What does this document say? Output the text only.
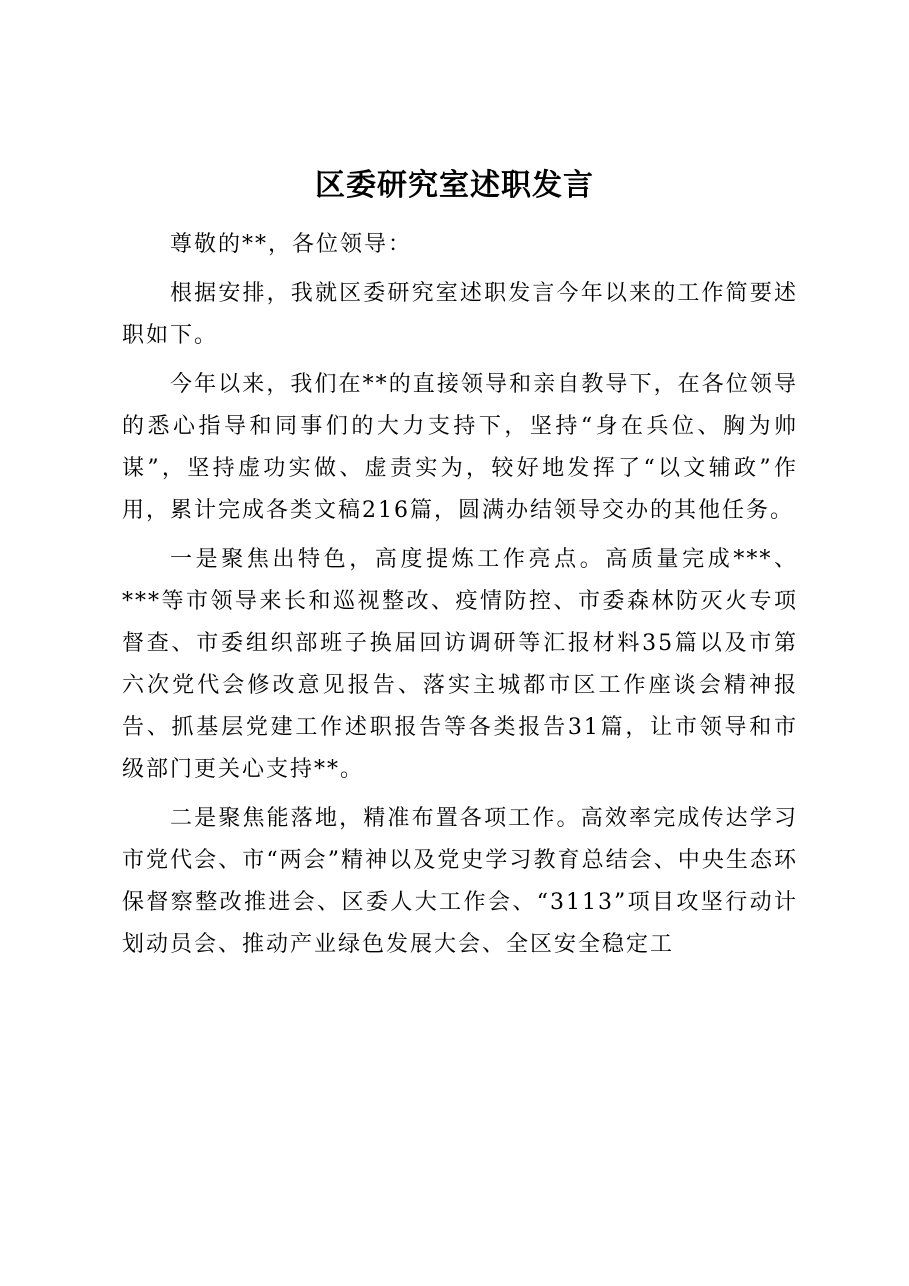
区委研究室述职发言

尊敬的**，各位领导：

根据安排，我就区委研究室述职发言今年以来的工作简要述职如下。

今年以来，我们在**的直接领导和亲自教导下，在各位领导的悉心指导和同事们的大力支持下，坚持“身在兵位、胸为帅谋”，坚持虚功实做、虚责实为，较好地发挥了“以文辅政”作用，累计完成各类文稿216篇，圆满办结领导交办的其他任务。

一是聚焦出特色，高度提炼工作亮点。高质量完成***、***等市领导来长和巡视整改、疫情防控、市委森林防灭火专项督查、市委组织部班子换届回访调研等汇报材料35篇以及市第六次党代会修改意见报告、落实主城都市区工作座谈会精神报告、抓基层党建工作述职报告等各类报告31篇，让市领导和市级部门更关心支持**。

二是聚焦能落地，精准布置各项工作。高效率完成传达学习市党代会、市“两会”精神以及党史学习教育总结会、中央生态环保督察整改推进会、区委人大工作会、“3113”项目攻坚行动计划动员会、推动产业绿色发展大会、全区安全稳定工
